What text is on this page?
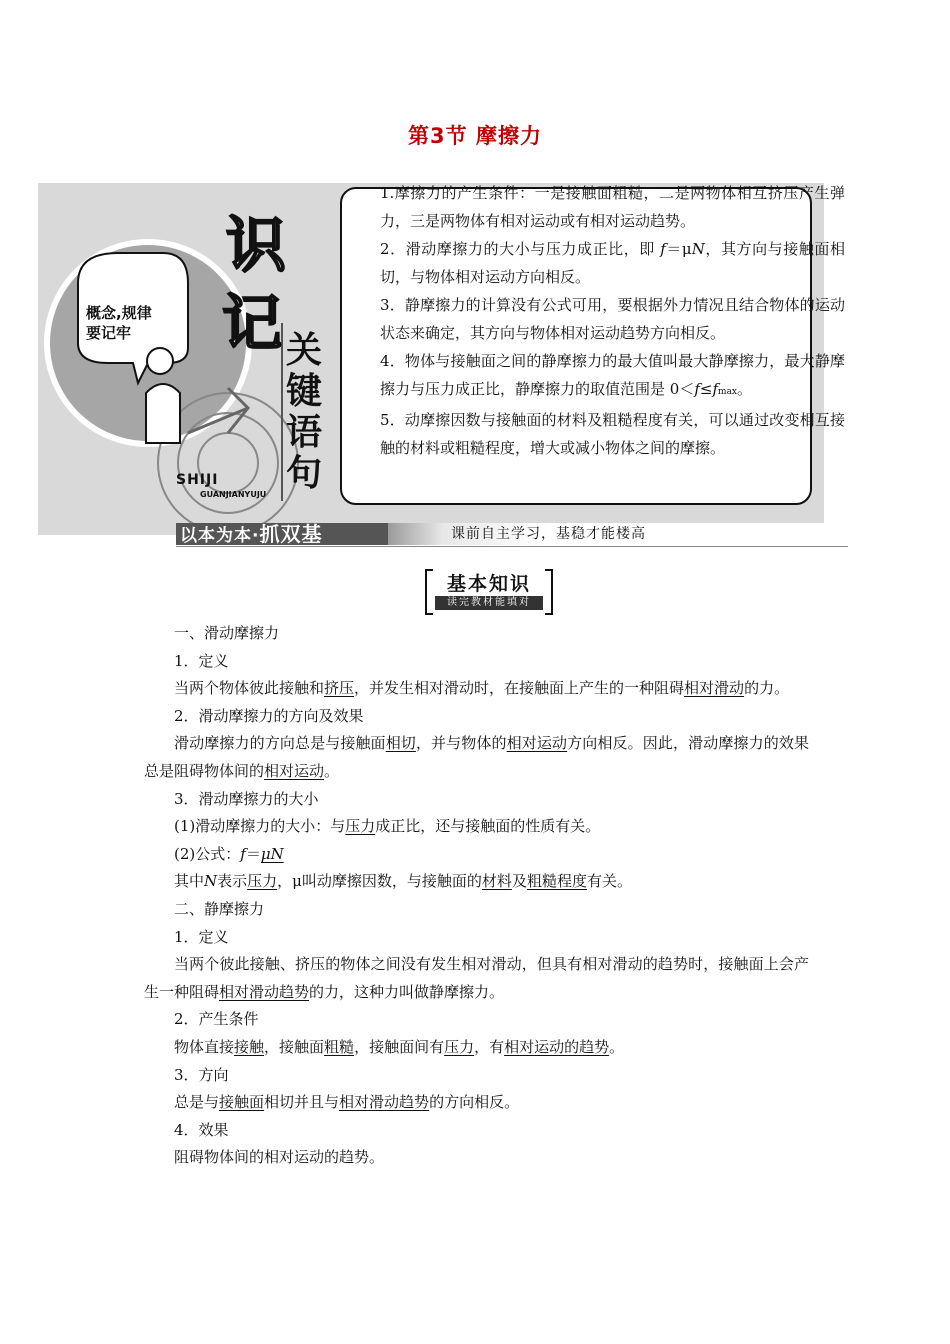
第3节 摩擦力
概念,规律要记牢
识
记 关
键
语
句
SHIJI
GUANJIANYUJU

1.摩擦力的产生条件：一是接触面粗糙，二是两物体相互挤压产生弹力，三是两物体有相对运动或有相对运动趋势。

2．滑动摩擦力的大小与压力成正比，即 f＝μN，其方向与接触面相切，与物体相对运动方向相反。

3．静摩擦力的计算没有公式可用，要根据外力情况且结合物体的运动状态来确定，其方向与物体相对运动趋势方向相反。

4．物体与接触面之间的静摩擦力的最大值叫最大静摩擦力，最大静摩擦力与压力成正比，静摩擦力的取值范围是 0＜f≤fmax。

5．动摩擦因数与接触面的材料及粗糙程度有关，可以通过改变相互接触的材料或粗糙程度，增大或减小物体之间的摩擦。

以本为本·抓双基	课前自主学习，基稳才能楼高
基本知识
读完教材能填对

一、滑动摩擦力

1．定义

当两个物体彼此接触和挤压，并发生相对滑动时，在接触面上产生的一种阻碍相对滑动的力。

2．滑动摩擦力的方向及效果

滑动摩擦力的方向总是与接触面相切，并与物体的相对运动方向相反。因此，滑动摩擦力的效果总是阻碍物体间的相对运动。

3．滑动摩擦力的大小

(1)滑动摩擦力的大小：与压力成正比，还与接触面的性质有关。

(2)公式：f＝μN

其中N表示压力，μ叫动摩擦因数，与接触面的材料及粗糙程度有关。

二、静摩擦力

1．定义

当两个彼此接触、挤压的物体之间没有发生相对滑动，但具有相对滑动的趋势时，接触面上会产生一种阻碍相对滑动趋势的力，这种力叫做静摩擦力。

2．产生条件

物体直接接触，接触面粗糙，接触面间有压力，有相对运动的趋势。

3．方向

总是与接触面相切并且与相对滑动趋势的方向相反。

4．效果

阻碍物体间的相对运动的趋势。
